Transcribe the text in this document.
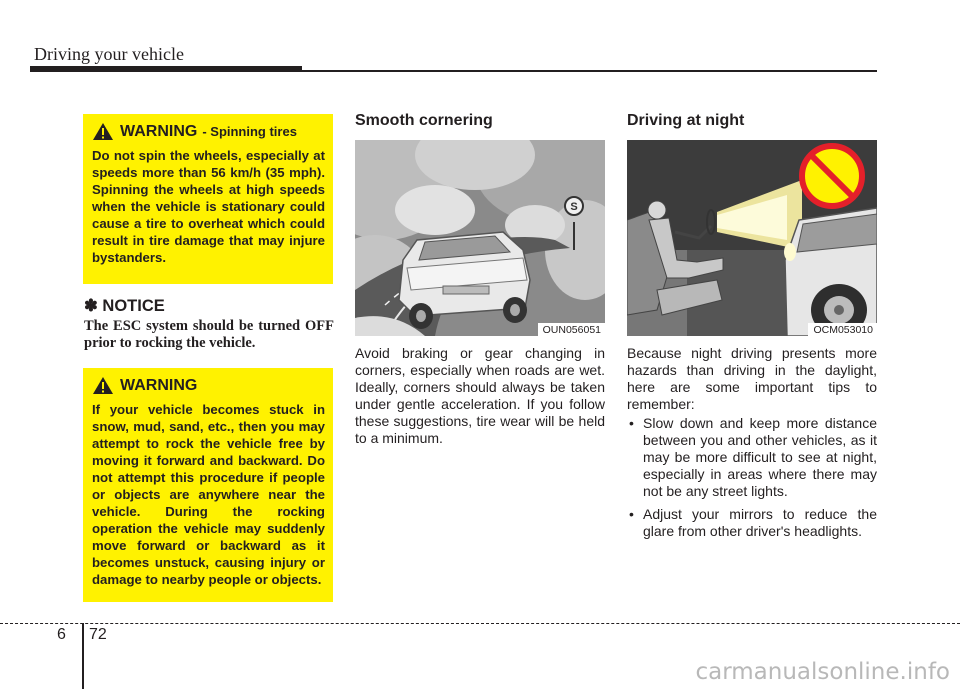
Driving your vehicle
WARNING - Spinning tires

Do not spin the wheels, especially at speeds more than 56 km/h (35 mph). Spinning the wheels at high speeds when the vehicle is stationary could cause a tire to overheat which could result in tire damage that may injure bystanders.

✽ NOTICE

The ESC system should be turned OFF prior to rocking the vehicle.

WARNING

If your vehicle becomes stuck in snow, mud, sand, etc., then you may attempt to rock the vehicle free by moving it forward and backward. Do not attempt this procedure if people or objects are anywhere near the vehicle. During the rocking operation the vehicle may suddenly move forward or backward as it becomes unstuck, causing injury or damage to nearby people or objects.

Smooth cornering
S
OUN056051

Avoid braking or gear changing in corners, especially when roads are wet. Ideally, corners should always be taken under gentle acceleration. If you follow these suggestions, tire wear will be held to a minimum.

Driving at night
OCM053010

Because night driving presents more hazards than driving in the daylight, here are some important tips to remember:

• Slow down and keep more distance between you and other vehicles, as it may be more difficult to see at night, especially in areas where there may not be any street lights.
• Adjust your mirrors to reduce the glare from other driver's headlights.
6 72
carmanualsonline.info
